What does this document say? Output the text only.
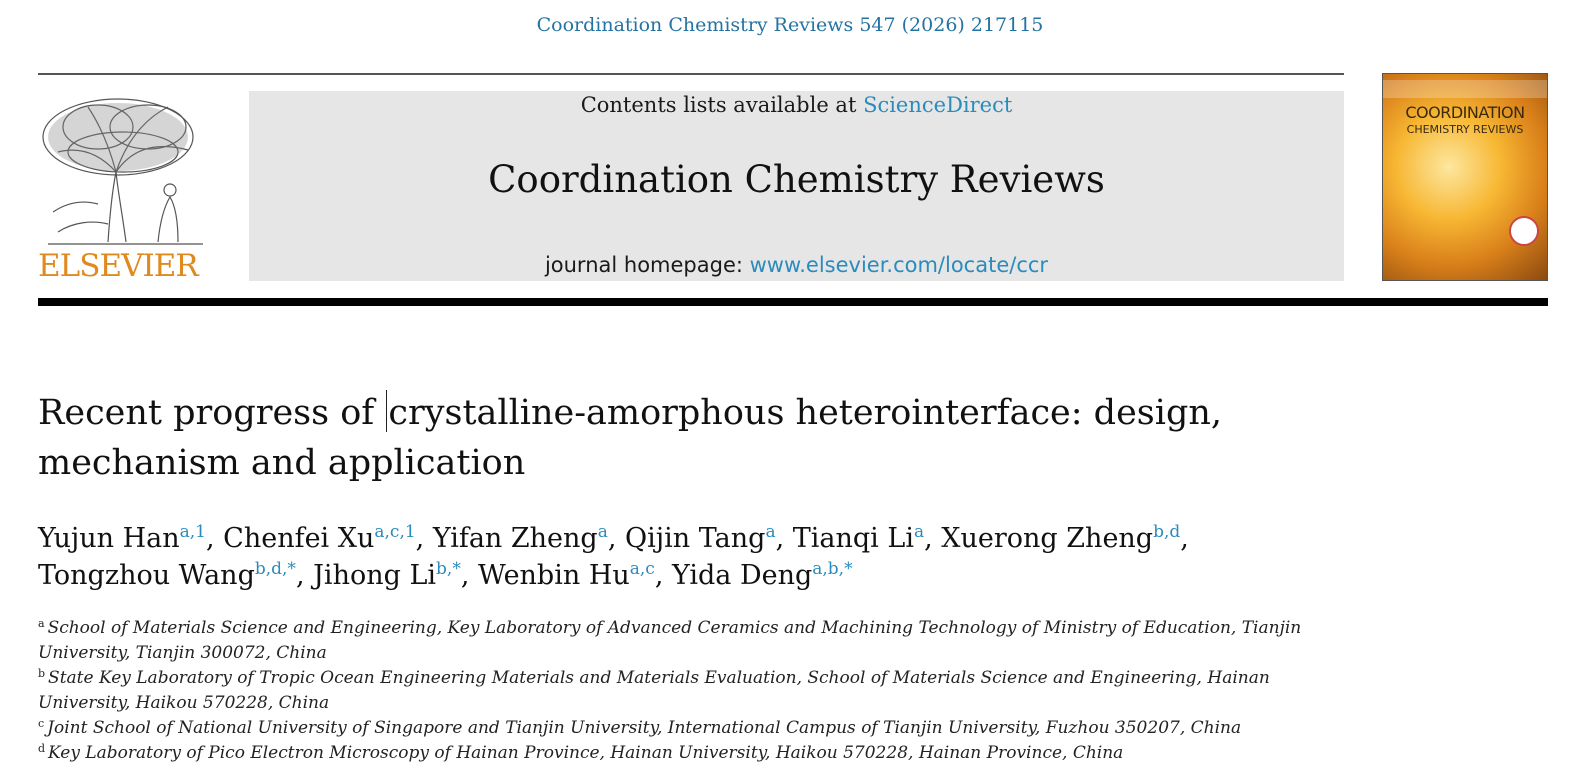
Coordination Chemistry Reviews 547 (2026) 217115
ELSEVIER
Contents lists available at ScienceDirect
Coordination Chemistry Reviews
journal homepage: www.elsevier.com/locate/ccr
COORDINATION
CHEMISTRY REVIEWS
Recent progress of crystalline-amorphous heterointerface: design,
mechanism and application
Yujun Han$^{a,1}$, Chenfei Xu$^{a,c,1}$, Yifan Zheng$^a$, Qijin Tang$^a$, Tianqi Li$^a$, Xuerong Zheng$^{b,d}$,
Tongzhou Wang$^{b,d,*}$, Jihong $Li^{b,*}$, Wenbin Hu$^{a,c}$, Yida Deng$^{a,b,*}$
$^a$ School of Materials Science and Engineering, Key Laboratory of Advanced Ceramics and Machining Technology of Ministry of Education, Tianjin University, Tianjin 300072, China
$^b$ State Key Laboratory of Tropic Ocean Engineering Materials and Materials Evaluation, School of Materials Science and Engineering, Hainan University, Haikou 570228, China
$^c$ Joint School of National University of Singapore and Tianjin University, International Campus of Tianjin University, Fuzhou 350207, China
$^d$ Key Laboratory of Pico Electron Microscopy of Hainan Province, Hainan University, Haikou 570228, Hainan Province, China
